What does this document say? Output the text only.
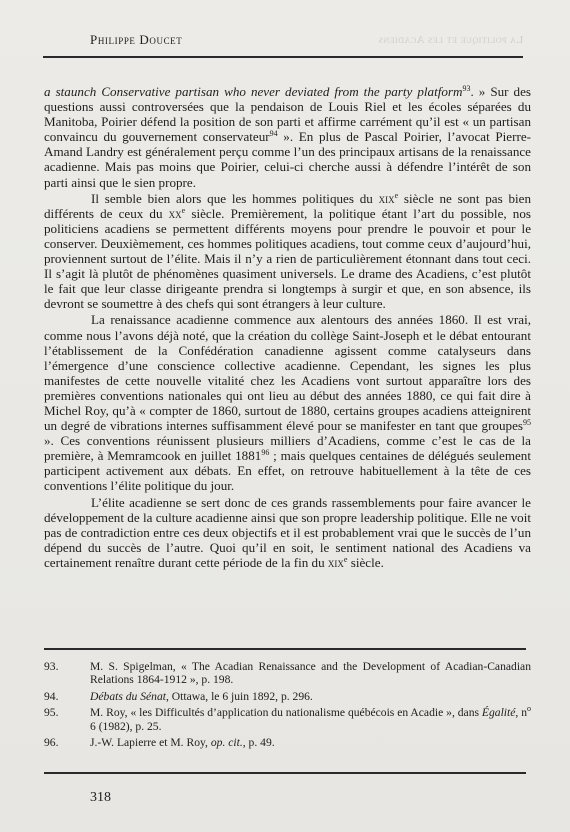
Philippe Doucet	La politique et les Acadiens

a staunch Conservative partisan who never deviated from the party platform$^{93}$. » Sur des questions aussi controversées que la pendaison de Louis Riel et les écoles séparées du Manitoba, Poirier défend la position de son parti et affirme carrément qu’il est « un partisan convaincu du gouvernement conservateur$^{94}$ ». En plus de Pascal Poirier, l’avocat Pierre-Amand Landry est généralement perçu comme l’un des principaux artisans de la renaissance acadienne. Mais pas moins que Poirier, celui-ci cherche aussi à défendre l’intérêt de son parti ainsi que le sien propre.

Il semble bien alors que les hommes politiques du xix$^e$ siècle ne sont pas bien différents de ceux du $xx^e$ siècle. Premièrement, la politique étant l’art du possible, nos politiciens acadiens se permettent différents moyens pour prendre le pouvoir et pour le conserver. Deuxièmement, ces hommes politiques acadiens, tout comme ceux d’aujourd’hui, proviennent surtout de l’élite. Mais il n’y a rien de particulièrement étonnant dans tout ceci. Il s’agit là plutôt de phénomènes quasiment universels. Le drame des Acadiens, c’est plutôt le fait que leur classe dirigeante prendra si longtemps à surgir et que, en son absence, ils devront se soumettre à des chefs qui sont étrangers à leur culture.

La renaissance acadienne commence aux alentours des années 1860. Il est vrai, comme nous l’avons déjà noté, que la création du collège Saint-Joseph et le débat entourant l’établissement de la Confédération canadienne agissent comme catalyseurs dans l’émergence d’une conscience collective acadienne. Cependant, les signes les plus manifestes de cette nouvelle vitalité chez les Acadiens vont surtout apparaître lors des premières conventions nationales qui ont lieu au début des années 1880, ce qui fait dire à Michel Roy, qu’à « compter de 1860, surtout de 1880, certains groupes acadiens atteignirent un degré de vibrations internes suffisamment élevé pour se manifester en tant que groupes$^{95}$ ». Ces conventions réunissent plusieurs milliers d’Acadiens, comme c’est le cas de la première, à Memramcook en juillet 1881$^{96}$ ; mais quelques centaines de délégués seulement participent activement aux débats. En effet, on retrouve habituellement à la tête de ces conventions l’élite politique du jour.

L’élite acadienne se sert donc de ces grands rassemblements pour faire avancer le développement de la culture acadienne ainsi que son propre leadership politique. Elle ne voit pas de contradiction entre ces deux objectifs et il est probablement vrai que le succès de l’un dépend du succès de l’autre. Quoi qu’il en soit, le sentiment national des Acadiens va certainement renaître durant cette période de la fin du xix$^e$ siècle.

93.	M. S. Spigelman, « The Acadian Renaissance and the Development of Acadian-Canadian Relations 1864-1912 », p. 198.
94.	Débats du Sénat, Ottawa, le 6 juin 1892, p. 296.
95.	M. Roy, « les Difficultés d’application du nationalisme québécois en Acadie », dans Égalité, $n^o$ 6 (1982), p. 25.
96.	J.-W. Lapierre et M. Roy, op. cit., p. 49.
318
